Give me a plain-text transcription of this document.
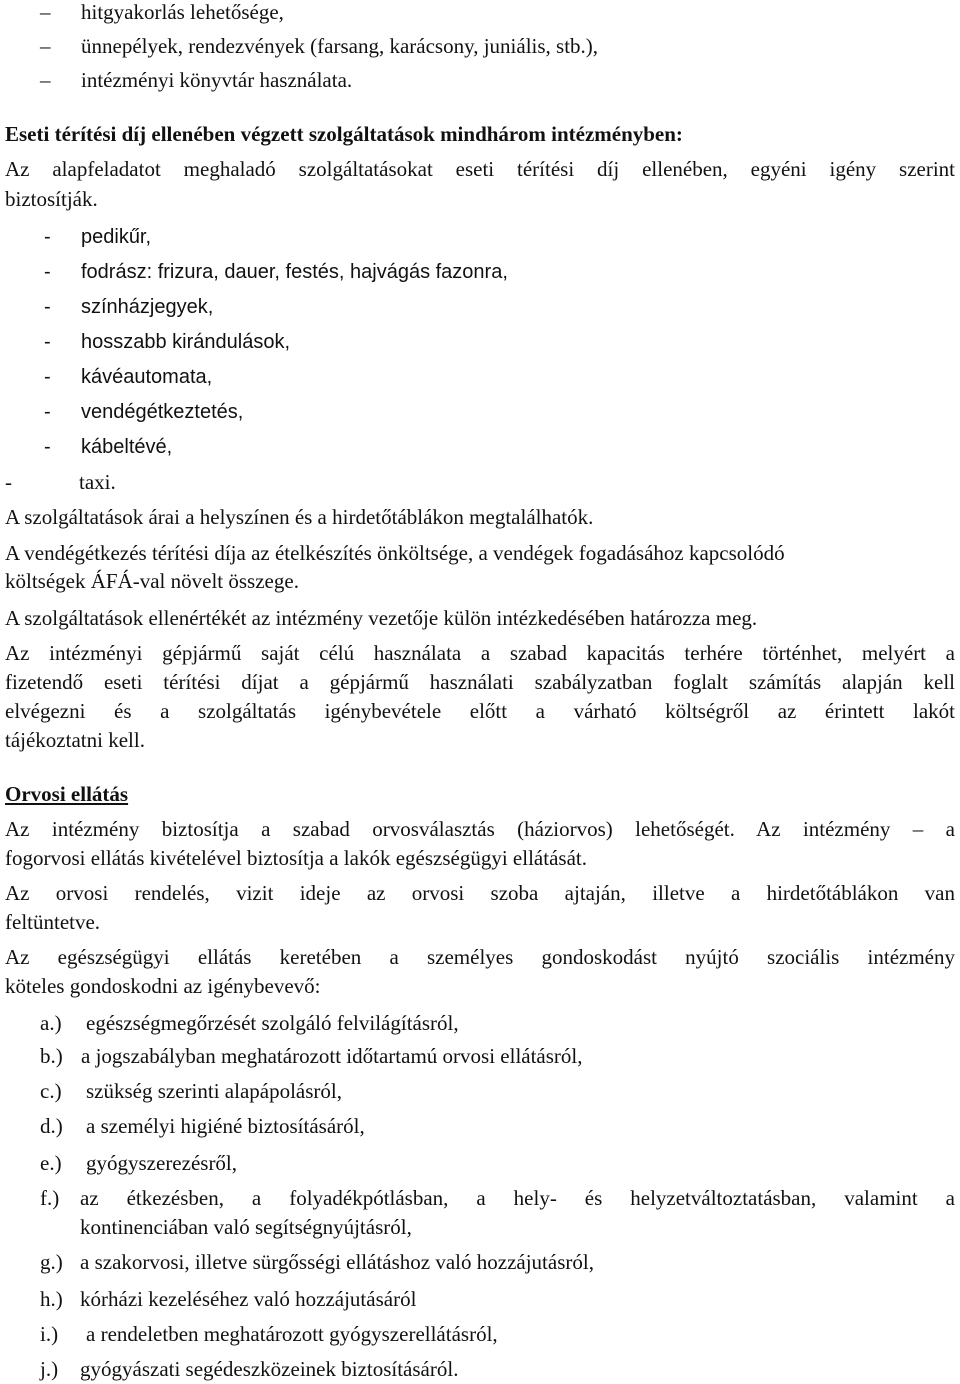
– hitgyakorlás lehetősége,
– ünnepélyek, rendezvények (farsang, karácsony, juniális, stb.),
– intézményi könyvtár használata.
Eseti térítési díj ellenében végzett szolgáltatások mindhárom intézményben:
Az alapfeladatot meghaladó szolgáltatásokat eseti térítési díj ellenében, egyéni igény szerint
biztosítják.
- pedikűr,
- fodrász: frizura, dauer, festés, hajvágás fazonra,
- színházjegyek,
- hosszabb kirándulások,
- kávéautomata,
- vendégétkeztetés,
- kábeltévé,
-	taxi.
A szolgáltatások árai a helyszínen és a hirdetőtáblákon megtalálhatók.
A vendégétkezés térítési díja az ételkészítés önköltsége, a vendégek fogadásához kapcsolódó
költségek ÁFÁ-val növelt összege.
A szolgáltatások ellenértékét az intézmény vezetője külön intézkedésében határozza meg.
Az intézményi gépjármű saját célú használata a szabad kapacitás terhére történhet, melyért a
fizetendő eseti térítési díjat a gépjármű használati szabályzatban foglalt számítás alapján kell
elvégezni és a szolgáltatás igénybevétele előtt a várható költségről az érintett lakót
tájékoztatni kell.
Orvosi ellátás
Az intézmény biztosítja a szabad orvosválasztás (háziorvos) lehetőségét. Az intézmény – a
fogorvosi ellátás kivételével biztosítja a lakók egészségügyi ellátását.
Az orvosi rendelés, vizit ideje az orvosi szoba ajtaján, illetve a hirdetőtáblákon van
feltüntetve.
Az egészségügyi ellátás keretében a személyes gondoskodást nyújtó szociális intézmény
köteles gondoskodni az igénybevevő:
a.) egészségmegőrzését szolgáló felvilágításról,
b.) a jogszabályban meghatározott időtartamú orvosi ellátásról,
c.) szükség szerinti alapápolásról,
d.) a személyi higiéné biztosításáról,
e.) gyógyszerezésről,
f.) az étkezésben, a folyadékpótlásban, a hely- és helyzetváltoztatásban, valamint a
kontinenciában való segítségnyújtásról,
g.) a szakorvosi, illetve sürgősségi ellátáshoz való hozzájutásról,
h.) kórházi kezeléséhez való hozzájutásáról
i.) a rendeletben meghatározott gyógyszerellátásról,
j.) gyógyászati segédeszközeinek biztosításáról.
